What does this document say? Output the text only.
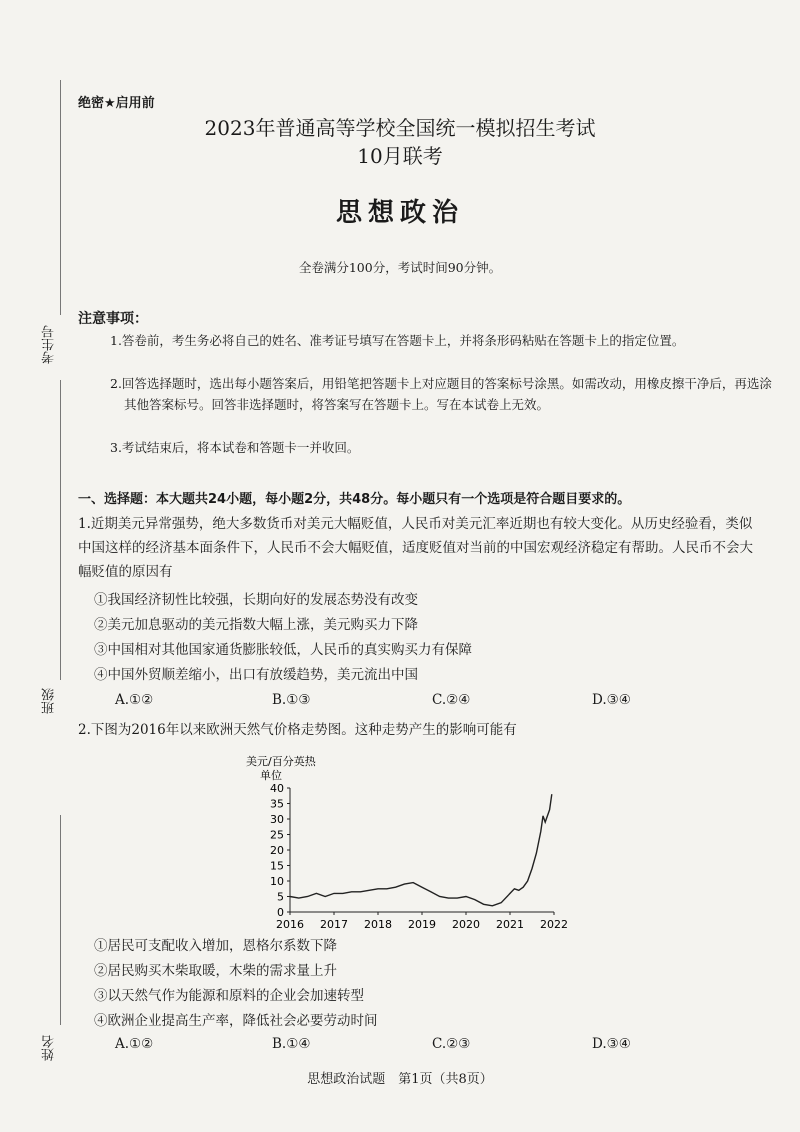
绝密★启用前
2023年普通高等学校全国统一模拟招生考试
10月联考
思想政治
全卷满分100分，考试时间90分钟。
考生号
班级
姓名
注意事项：
1.答卷前，考生务必将自己的姓名、准考证号填写在答题卡上，并将条形码粘贴在答题卡上的指定位置。
2.回答选择题时，选出每小题答案后，用铅笔把答题卡上对应题目的答案标号涂黑。如需改动，用橡皮擦干净后，再选涂其他答案标号。回答非选择题时，将答案写在答题卡上。写在本试卷上无效。
3.考试结束后，将本试卷和答题卡一并收回。
一、选择题：本大题共24小题，每小题2分，共48分。每小题只有一个选项是符合题目要求的。
1.近期美元异常强势，绝大多数货币对美元大幅贬值，人民币对美元汇率近期也有较大变化。从历史经验看，类似中国这样的经济基本面条件下，人民币不会大幅贬值，适度贬值对当前的中国宏观经济稳定有帮助。人民币不会大幅贬值的原因有
①我国经济韧性比较强，长期向好的发展态势没有改变
②美元加息驱动的美元指数大幅上涨，美元购买力下降
③中国相对其他国家通货膨胀较低，人民币的真实购买力有保障
④中国外贸顺差缩小，出口有放缓趋势，美元流出中国
A.①②	B.①③	C.②④	D.③④
2.下图为2016年以来欧洲天然气价格走势图。这种走势产生的影响可能有
美元/百分英热
单位
0
5
10
15
20
25
30
35
40
2016 2017 2018 2019 2020 2021 2022
①居民可支配收入增加，恩格尔系数下降
②居民购买木柴取暖，木柴的需求量上升
③以天然气作为能源和原料的企业会加速转型
④欧洲企业提高生产率，降低社会必要劳动时间
A.①②	B.①④	C.②③	D.③④
思想政治试题　第1页（共8页）
